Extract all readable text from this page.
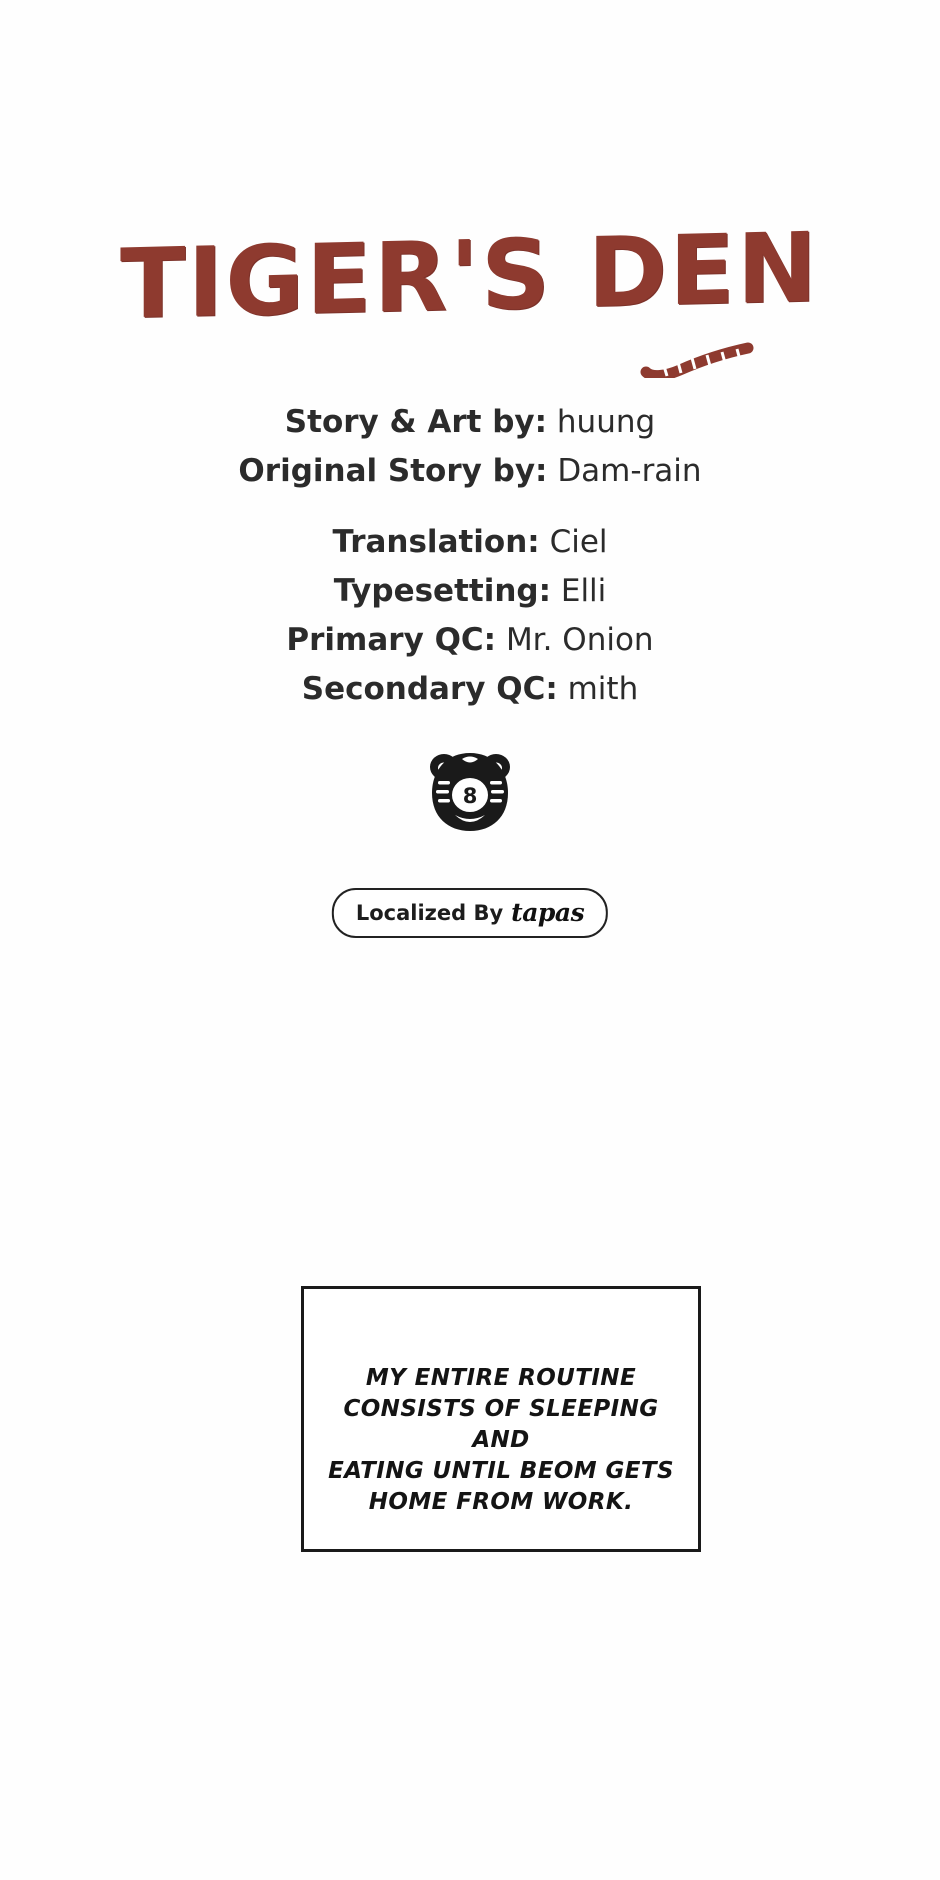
TIGER'S DEN
Story & Art by: huung
Original Story by: Dam-rain
Translation: Ciel
Typesetting: Elli
Primary QC: Mr. Onion
Secondary QC: mith
8
Localized By tapas
MY ENTIRE ROUTINE
CONSISTS OF SLEEPING AND
EATING UNTIL BEOM GETS
HOME FROM WORK.
